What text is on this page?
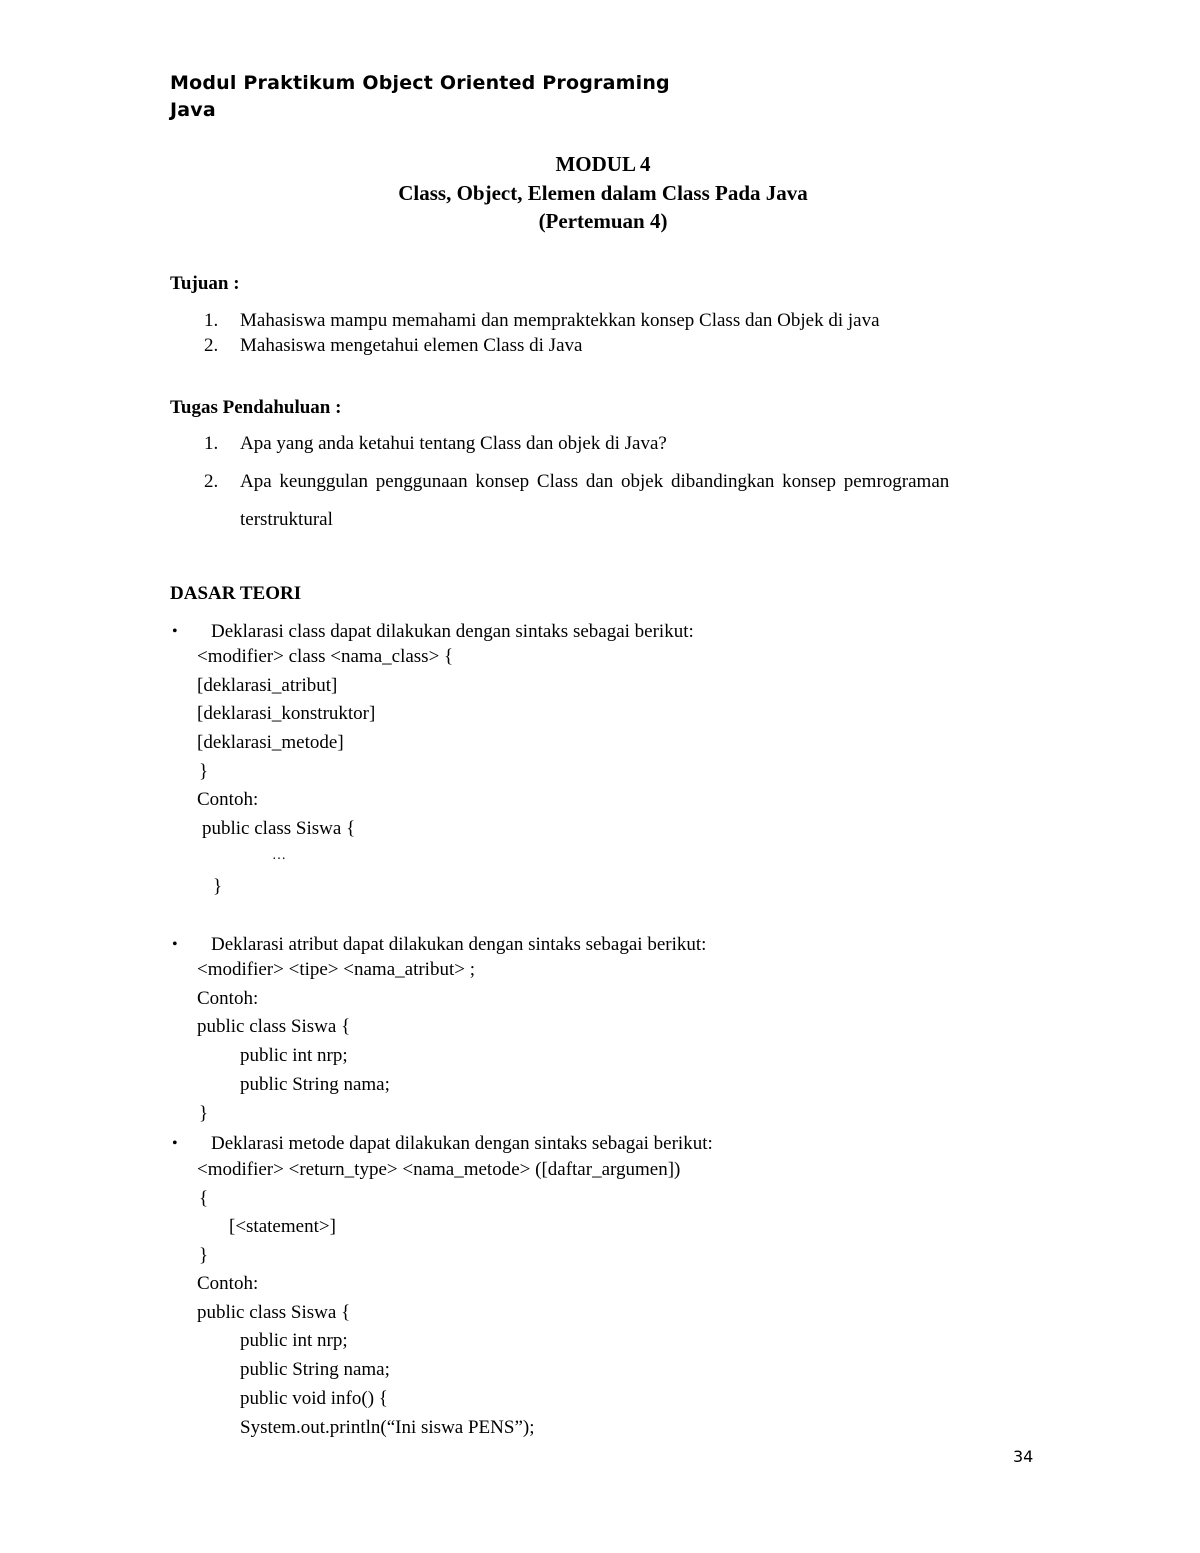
Modul Praktikum Object Oriented Programing
Java
MODUL 4
Class, Object, Elemen dalam Class Pada Java
(Pertemuan 4)
Tujuan :
1. Mahasiswa mampu memahami dan mempraktekkan konsep Class dan Objek di java
2. Mahasiswa mengetahui elemen Class di Java
Tugas Pendahuluan :
1. Apa yang anda ketahui tentang Class dan objek di Java?
2. Apa keunggulan penggunaan konsep Class dan objek dibandingkan konsep pemrograman
terstruktural
DASAR TEORI
• Deklarasi class dapat dilakukan dengan sintaks sebagai berikut:
<modifier> class <nama_class> {
[deklarasi_atribut]
[deklarasi_konstruktor]
[deklarasi_metode]
}
Contoh:
public class Siswa {
…
}
• Deklarasi atribut dapat dilakukan dengan sintaks sebagai berikut:
<modifier> <tipe> <nama_atribut> ;
Contoh:
public class Siswa {
public int nrp;
public String nama;
}
• Deklarasi metode dapat dilakukan dengan sintaks sebagai berikut:
<modifier> <return_type> <nama_metode> ([daftar_argumen])
{
[<statement>]
}
Contoh:
public class Siswa {
public int nrp;
public String nama;
public void info() {
System.out.println(“Ini siswa PENS”);
34
